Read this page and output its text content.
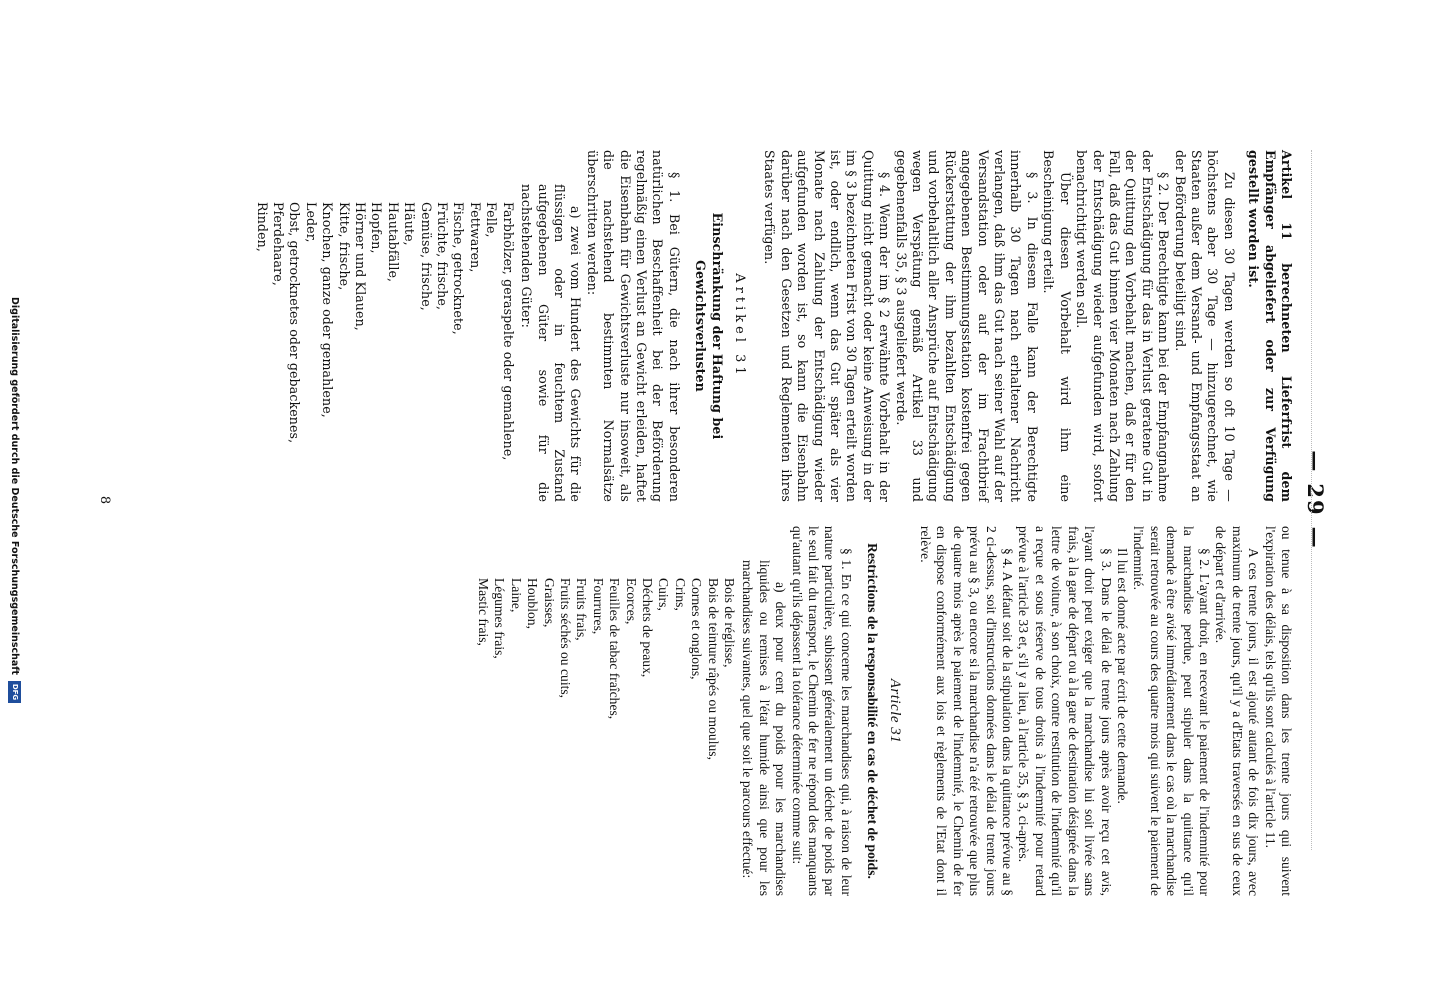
—29—

Artikel 11 berechneten Lieferfrist dem Empfänger abgeliefert oder zur Verfügung gestellt worden ist.

Zu diesen 30 Tagen werden so oft 10 Tage — höchstens aber 30 Tage — hinzugerechnet, wie Staaten außer dem Versand- und Empfangsstaat an der Beförderung beteiligt sind.

§ 2. Der Berechtigte kann bei der Empfangnahme der Entschädigung für das in Verlust geratene Gut in der Quittung den Vorbehalt machen, daß er für den Fall, daß das Gut binnen vier Monaten nach Zahlung der Entschädigung wieder aufgefunden wird, sofort benachrichtigt werden soll.

Über diesen Vorbehalt wird ihm eine Bescheinigung erteilt.

§ 3. In diesem Falle kann der Berechtigte innerhalb 30 Tagen nach erhaltener Nachricht verlangen, daß ihm das Gut nach seiner Wahl auf der Versandstation oder auf der im Frachtbrief angegebenen Bestimmungsstation kostenfrei gegen Rückerstattung der ihm bezahlten Entschädigung und vorbehaltlich aller Ansprüche auf Entschädigung wegen Verspätung gemäß Artikel 33 und gegebenenfalls 35, § 3 ausgeliefert werde.

§ 4. Wenn der im § 2 erwähnte Vorbehalt in der Quittung nicht gemacht oder keine Anweisung in der im § 3 bezeichneten Frist von 30 Tagen erteilt worden ist, oder endlich, wenn das Gut später als vier Monate nach Zahlung der Entschädigung wieder aufgefunden worden ist, so kann die Eisenbahn darüber nach den Gesetzen und Reglementen ihres Staates verfügen.

Artikel 31
Einschränkung der Haftung bei Gewichtsverlusten

§ 1. Bei Gütern, die nach ihrer besonderen natürlichen Beschaffenheit bei der Beförderung regelmäßig einen Verlust an Gewicht erleiden, haftet die Eisenbahn für Gewichtsverluste nur insoweit, als die nachstehend bestimmten Normalsätze überschritten werden:

a) zwei vom Hundert des Gewichts für die flüssigen oder in feuchtem Zustand aufgegebenen Güter sowie für die nachstehenden Güter:

Farbhölzer, geraspelte oder gemahlene,
Felle,
Fettwaren,
Fische, getrocknete,
Früchte, frische,
Gemüse, frische,
Häute,
Hautabfälle,
Hopfen,
Hörner und Klauen,
Kitte, frische,
Knochen, ganze oder gemahlene,
Leder,
Obst, getrocknetes oder gebackenes,
Pferdehaare,
Rinden,

ou tenue à sa disposition dans les trente jours qui suivent l'expiration des délais, tels qu'ils sont calculés à l'article 11.

A ces trente jours, il est ajouté autant de fois dix jours, avec maximum de trente jours, qu'il y a d'Etats traversés en sus de ceux de départ et d'arrivée.

§ 2. L'ayant droit, en recevant le paiement de l'indemnité pour la marchandise perdue, peut stipuler dans la quittance qu'il demande à être avisé immédiatement dans le cas où la marchandise serait retrouvée au cours des quatre mois qui suivent le paiement de l'indemnité.

Il lui est donné acte par écrit de cette demande.

§ 3. Dans le délai de trente jours après avoir reçu cet avis, l'ayant droit peut exiger que la marchandise lui soit livrée sans frais, à la gare de départ ou à la gare de destination désignée dans la lettre de voiture, à son choix, contre restitution de l'indemnité qu'il a reçue et sous réserve de tous droits à l'indemnité pour retard prévue à l'article 33 et, s'il y a lieu, à l'article 35, § 3, ci-après.

§ 4. A défaut soit de la stipulation dans la quittance prévue au § 2 ci-dessus, soit d'instructions données dans le délai de trente jours prévu au § 3, ou encore si la marchandise n'a été retrouvée que plus de quatre mois après le paiement de l'indemnité, le Chemin de fer en dispose conformément aux lois et règlements de l'Etat dont il relève.

Article 31
Restrictions de la responsabilité en cas de déchet de poids.

§ 1. En ce qui concerne les marchandises qui, à raison de leur nature particulière, subissent généralement un déchet de poids par le seul fait du transport, le Chemin de fer ne répond des manquants qu'autant qu'ils dépassent la tolérance déterminée comme suit:

a) deux pour cent du poids pour les marchandises liquides ou remises à l'état humide ainsi que pour les marchandises suivantes, quel que soit le parcours effectué:

Bois de réglisse,
Bois de teinture râpés ou moulus,
Cornes et onglons,
Crins,
Cuirs,
Déchets de peaux,
Ecorces,
Feuilles de tabac fraîches,
Fourrures,
Fruits frais,
Fruits séchés ou cuits,
Graisses,
Houblon,
Laine,
Légumes frais,
Mastic frais,
8
Digitalisierung gefördert durch die Deutsche Forschungsgemeinschaft
DFG
